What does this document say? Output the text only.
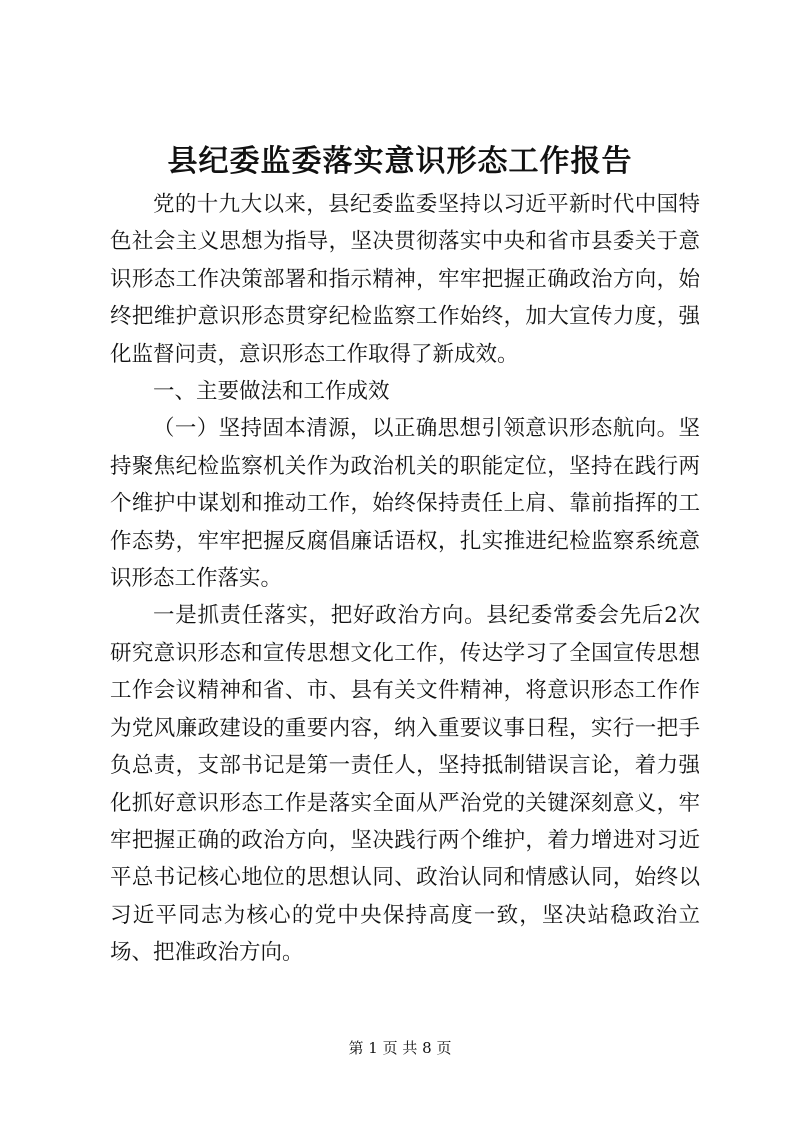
县纪委监委落实意识形态工作报告

党的十九大以来，县纪委监委坚持以习近平新时代中国特色社会主义思想为指导，坚决贯彻落实中央和省市县委关于意识形态工作决策部署和指示精神，牢牢把握正确政治方向，始终把维护意识形态贯穿纪检监察工作始终，加大宣传力度，强化监督问责，意识形态工作取得了新成效。

一、主要做法和工作成效

（一）坚持固本清源，以正确思想引领意识形态航向。坚持聚焦纪检监察机关作为政治机关的职能定位，坚持在践行两个维护中谋划和推动工作，始终保持责任上肩、靠前指挥的工作态势，牢牢把握反腐倡廉话语权，扎实推进纪检监察系统意识形态工作落实。

一是抓责任落实，把好政治方向。县纪委常委会先后2次研究意识形态和宣传思想文化工作，传达学习了全国宣传思想工作会议精神和省、市、县有关文件精神，将意识形态工作作为党风廉政建设的重要内容，纳入重要议事日程，实行一把手负总责，支部书记是第一责任人，坚持抵制错误言论，着力强化抓好意识形态工作是落实全面从严治党的关键深刻意义，牢牢把握正确的政治方向，坚决践行两个维护，着力增进对习近平总书记核心地位的思想认同、政治认同和情感认同，始终以习近平同志为核心的党中央保持高度一致，坚决站稳政治立场、把准政治方向。

第 1 页 共 8 页
